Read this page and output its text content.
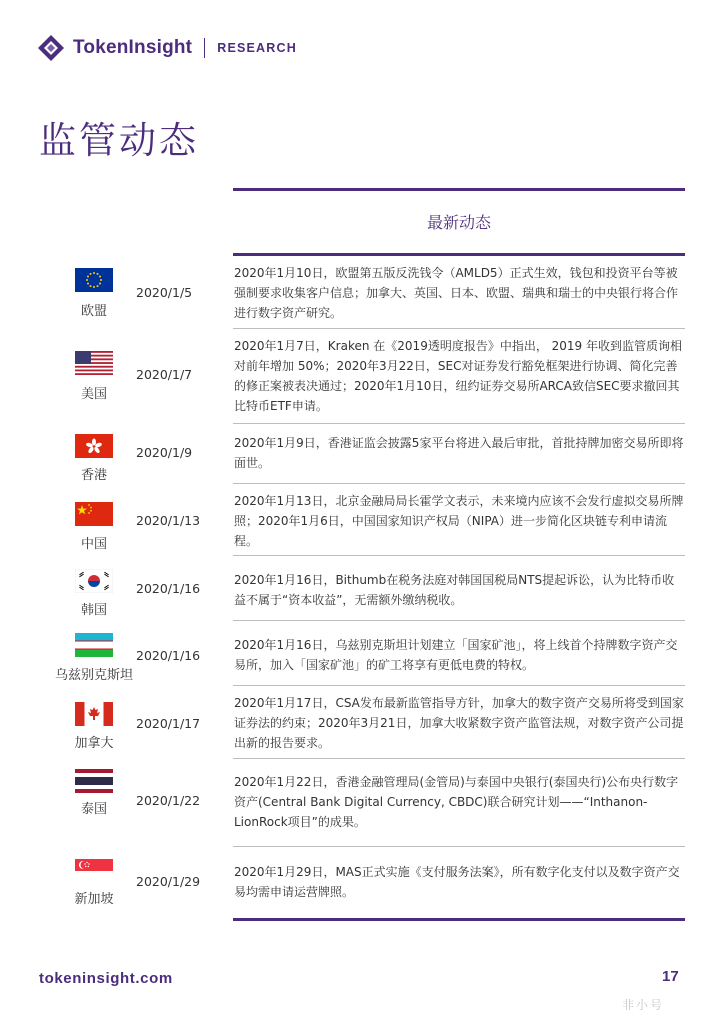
TokenInsight RESEARCH
监管动态
最新动态
欧盟
2020/1/5
2020年1月10日，欧盟第五版反洗钱令（AMLD5）正式生效，钱包和投资平台等被强制要求收集客户信息；加拿大、英国、日本、欧盟、瑞典和瑞士的中央银行将合作进行数字资产研究。
美国
2020/1/7
2020年1月7日，Kraken 在《2019透明度报告》中指出， 2019 年收到监管质询相对前年增加 50%；2020年3月22日，SEC对证券发行豁免框架进行协调、简化完善的修正案被表决通过；2020年1月10日，纽约证券交易所ARCA致信SEC要求撤回其比特币ETF申请。
香港
2020/1/9
2020年1月9日，香港证监会披露5家平台将进入最后审批，首批持牌加密交易所即将面世。
中国
2020/1/13
2020年1月13日，北京金融局局长霍学文表示，未来境内应该不会发行虚拟交易所牌照；2020年1月6日，中国国家知识产权局（NIPA）进一步简化区块链专利申请流程。
韩国
2020/1/16
2020年1月16日，Bithumb在税务法庭对韩国国税局NTS提起诉讼，认为比特币收益不属于“资本收益”，无需额外缴纳税收。
乌兹别克斯坦
2020/1/16
2020年1月16日，乌兹别克斯坦计划建立「国家矿池」，将上线首个持牌数字资产交易所，加入「国家矿池」的矿工将享有更低电费的特权。
加拿大
2020/1/17
2020年1月17日，CSA发布最新监管指导方针，加拿大的数字资产交易所将受到国家证券法的约束；2020年3月21日，加拿大收紧数字资产监管法规，对数字资产公司提出新的报告要求。
泰国
2020/1/22
2020年1月22日，香港金融管理局(金管局)与泰国中央银行(泰国央行)公布央行数字资产(Central Bank Digital Currency, CBDC)联合研究计划——“Inthanon-LionRock项目”的成果。
新加坡
2020/1/29
2020年1月29日，MAS正式实施《支付服务法案》，所有数字化支付以及数字资产交易均需申请运营牌照。
tokeninsight.com	17
非小号
